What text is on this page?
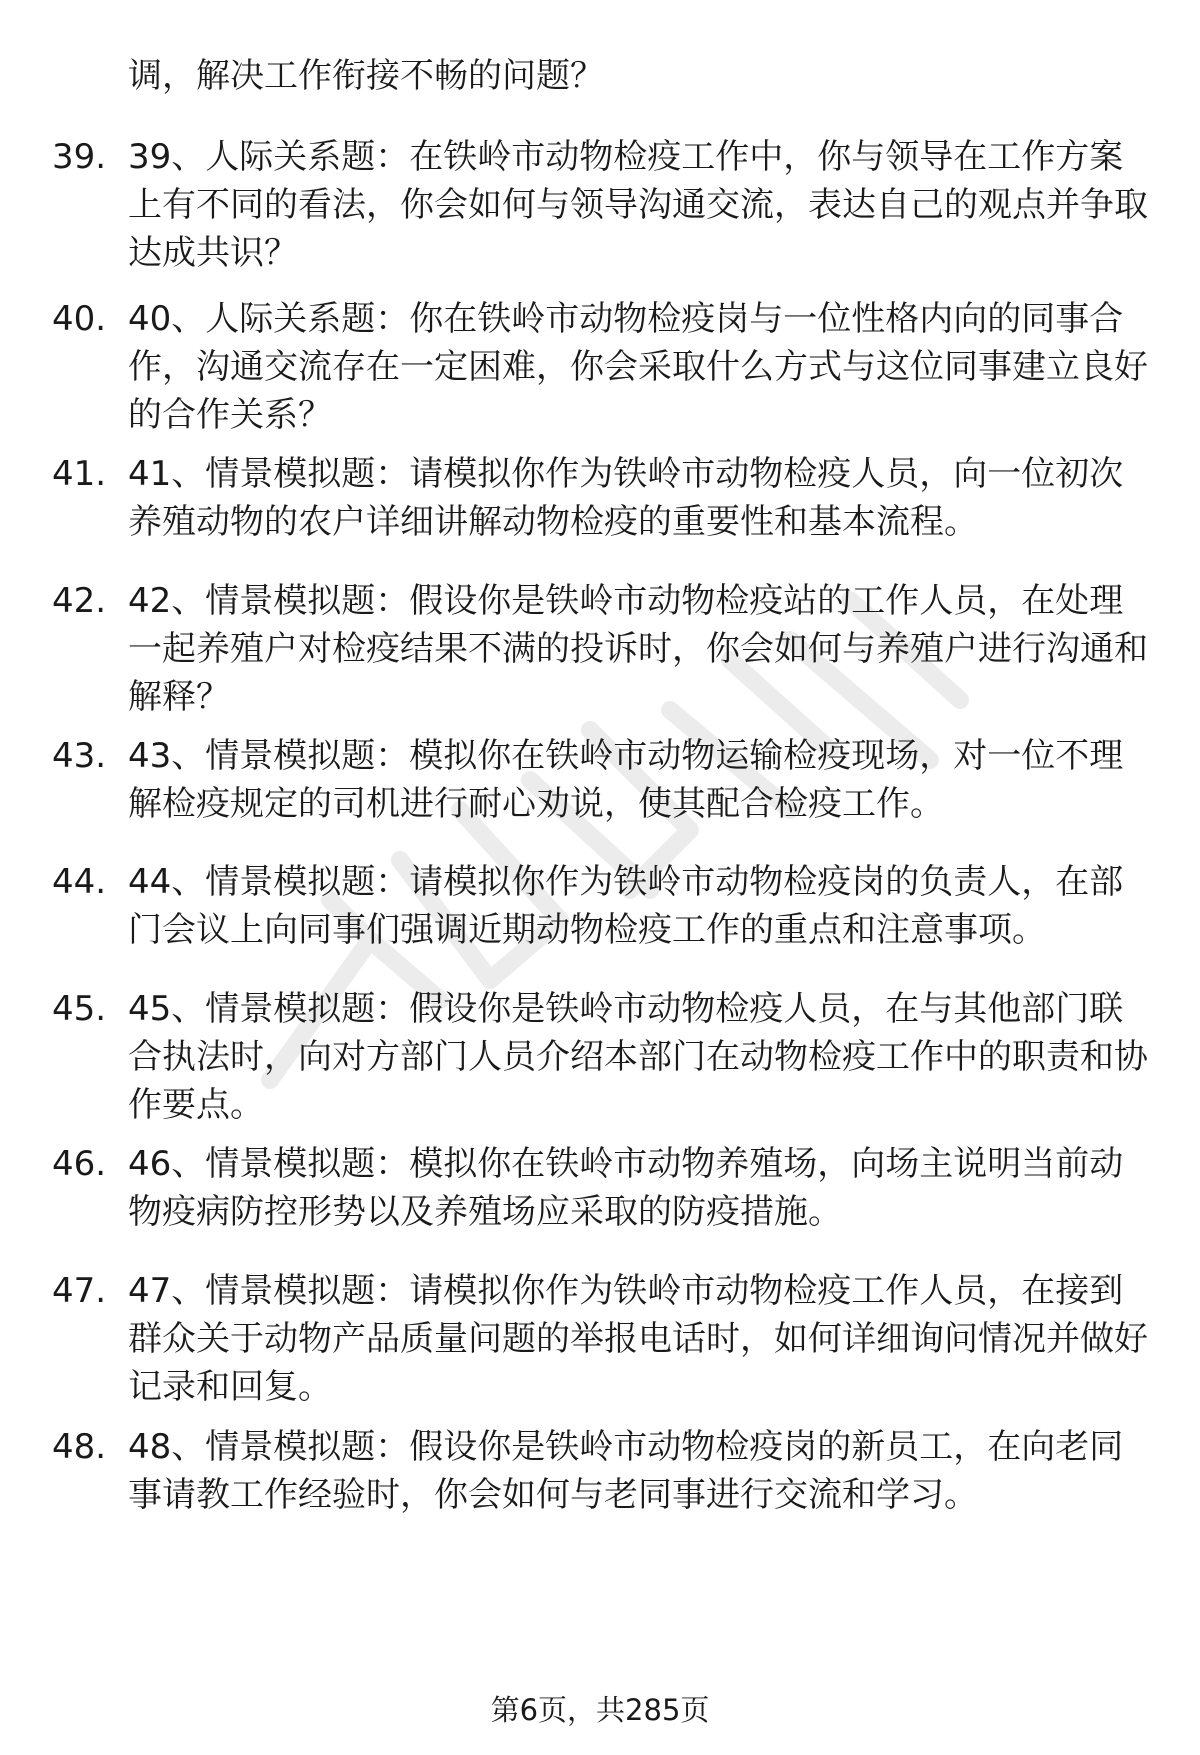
调，解决工作衔接不畅的问题？
39. 39、人际关系题：在铁岭市动物检疫工作中，你与领导在工作方案上有不同的看法，你会如何与领导沟通交流，表达自己的观点并争取达成共识？
40. 40、人际关系题：你在铁岭市动物检疫岗与一位性格内向的同事合作，沟通交流存在一定困难，你会采取什么方式与这位同事建立良好的合作关系？
41. 41、情景模拟题：请模拟你作为铁岭市动物检疫人员，向一位初次养殖动物的农户详细讲解动物检疫的重要性和基本流程。
42. 42、情景模拟题：假设你是铁岭市动物检疫站的工作人员，在处理一起养殖户对检疫结果不满的投诉时，你会如何与养殖户进行沟通和解释？
43. 43、情景模拟题：模拟你在铁岭市动物运输检疫现场，对一位不理解检疫规定的司机进行耐心劝说，使其配合检疫工作。
44. 44、情景模拟题：请模拟你作为铁岭市动物检疫岗的负责人，在部门会议上向同事们强调近期动物检疫工作的重点和注意事项。
45. 45、情景模拟题：假设你是铁岭市动物检疫人员，在与其他部门联合执法时，向对方部门人员介绍本部门在动物检疫工作中的职责和协作要点。
46. 46、情景模拟题：模拟你在铁岭市动物养殖场，向场主说明当前动物疫病防控形势以及养殖场应采取的防疫措施。
47. 47、情景模拟题：请模拟你作为铁岭市动物检疫工作人员，在接到群众关于动物产品质量问题的举报电话时，如何详细询问情况并做好记录和回复。
48. 48、情景模拟题：假设你是铁岭市动物检疫岗的新员工，在向老同事请教工作经验时，你会如何与老同事进行交流和学习。
第6页，共285页
